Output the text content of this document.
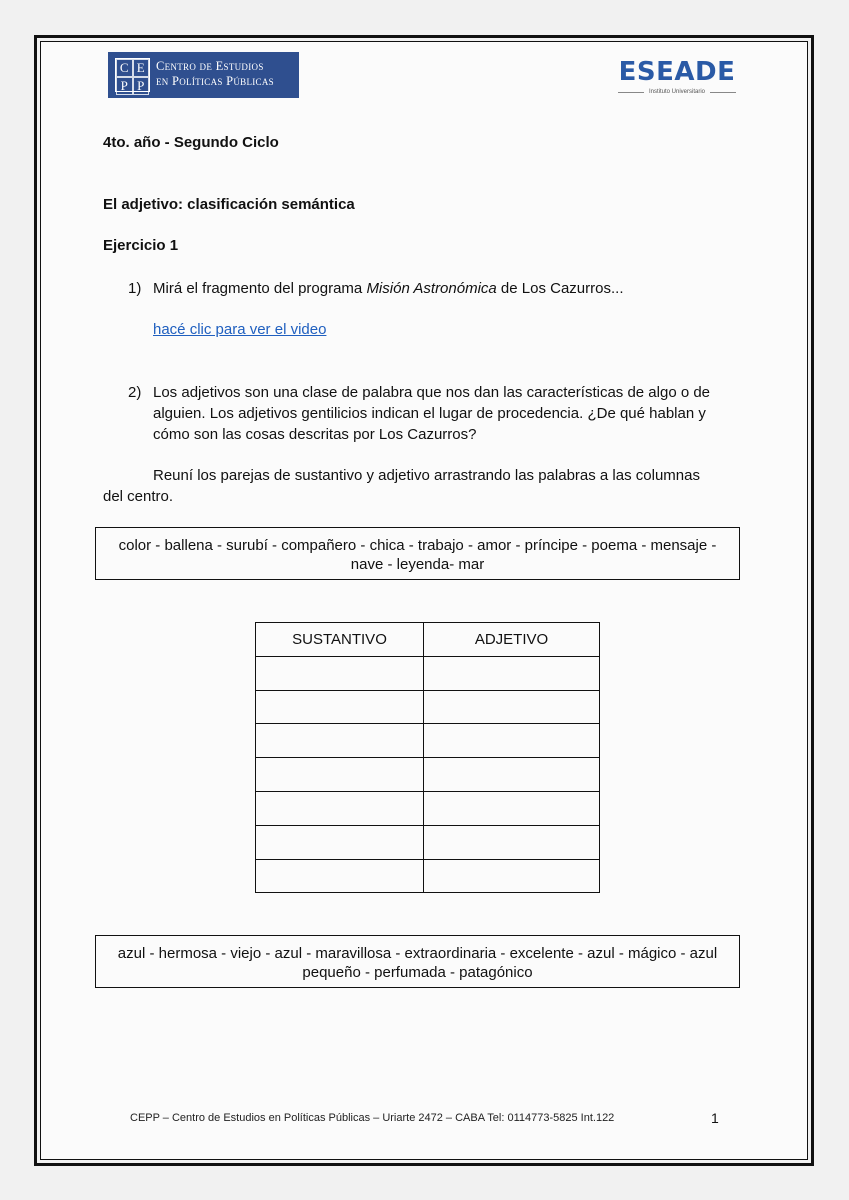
C E
P P
Centro de Estudios
en Políticas Públicas	ESEADE
Instituto Universitario
4to. año - Segundo Ciclo
El adjetivo: clasificación semántica
Ejercicio 1
1) Mirá el fragmento del programa Misión Astronómica de Los Cazurros...
hacé clic para ver el video
2) Los adjetivos son una clase de palabra que nos dan las características de algo o de
alguien. Los adjetivos gentilicios indican el lugar de procedencia. ¿De qué hablan y
cómo son las cosas descritas por Los Cazurros?
Reuní los parejas de sustantivo y adjetivo arrastrando las palabras a las columnas
del centro.
color - ballena - surubí - compañero - chica - trabajo - amor - príncipe - poema - mensaje -
nave - leyenda- mar
SUSTANTIVO	ADJETIVO

azul - hermosa - viejo - azul - maravillosa - extraordinaria - excelente - azul - mágico - azul
pequeño - perfumada - patagónico
CEPP – Centro de Estudios en Políticas Públicas – Uriarte 2472 – CABA Tel: 0114773-5825 Int.122	1
